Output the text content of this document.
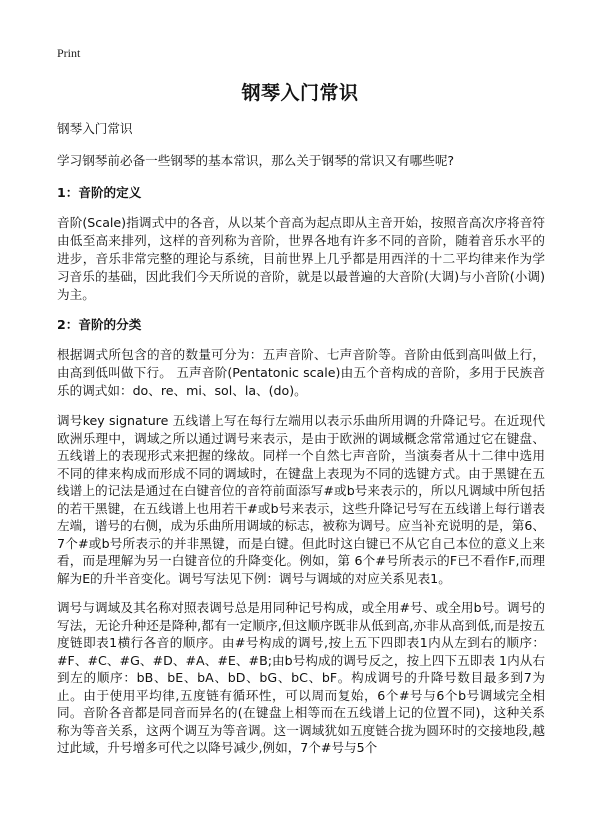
Print
钢琴入门常识
钢琴入门常识
学习钢琴前必备一些钢琴的基本常识，那么关于钢琴的常识又有哪些呢?
1：音阶的定义
音阶(Scale)指调式中的各音，从以某个音高为起点即从主音开始，按照音高次序将音符由低至高来排列，这样的音列称为音阶，世界各地有许多不同的音阶，随着音乐水平的进步，音乐非常完整的理论与系统，目前世界上几乎都是用西洋的十二平均律来作为学习音乐的基础，因此我们今天所说的音阶，就是以最普遍的大音阶(大调)与小音阶(小调)为主。
2：音阶的分类
根据调式所包含的音的数量可分为：五声音阶、七声音阶等。音阶由低到高叫做上行，由高到低叫做下行。 五声音阶(Pentatonic scale)由五个音构成的音阶，多用于民族音乐的调式如：do、re、mi、sol、la、(do)。
调号key signature 五线谱上写在每行左端用以表示乐曲所用调的升降记号。在近现代欧洲乐理中，调域之所以通过调号来表示，是由于欧洲的调域概念常常通过它在键盘、五线谱上的表现形式来把握的缘故。同样一个自然七声音阶，当演奏者从十二律中选用不同的律来构成而形成不同的调域时，在键盘上表现为不同的选键方式。由于黑键在五线谱上的记法是通过在白键音位的音符前面添写#或b号来表示的，所以凡调域中所包括的若干黑键，在五线谱上也用若干#或b号来表示，这些升降记号写在五线谱上每行谱表左端，谱号的右侧，成为乐曲所用调域的标志，被称为调号。应当补充说明的是，第6、7个#或b号所表示的并非黑键，而是白键。但此时这白键已不从它自己本位的意义上来看，而是理解为另一白键音位的升降变化。例如，第 6个#号所表示的F已不看作F,而理解为E的升半音变化。调号写法见下例：调号与调域的对应关系见表1。
调号与调域及其名称对照表调号总是用同种记号构成，或全用#号、或全用b号。调号的写法，无论升种还是降种,都有一定顺序,但这顺序既非从低到高,亦非从高到低,而是按五度链即表1横行各音的顺序。由#号构成的调号,按上五下四即表1内从左到右的顺序：#F、#C、#G、#D、#A、#E、#B;由b号构成的调号反之，按上四下五即表 1内从右到左的顺序：bB、bE、bA、bD、bG、bC、bF。构成调号的升降号数目最多到7为止。由于使用平均律,五度链有循环性，可以周而复始，6个#号与6个b号调域完全相同。音阶各音都是同音而异名的(在键盘上相等而在五线谱上记的位置不同)，这种关系称为等音关系，这两个调互为等音调。这一调域犹如五度链合拢为圆环时的交接地段,越过此域，升号增多可代之以降号减少,例如，7个#号与5个
